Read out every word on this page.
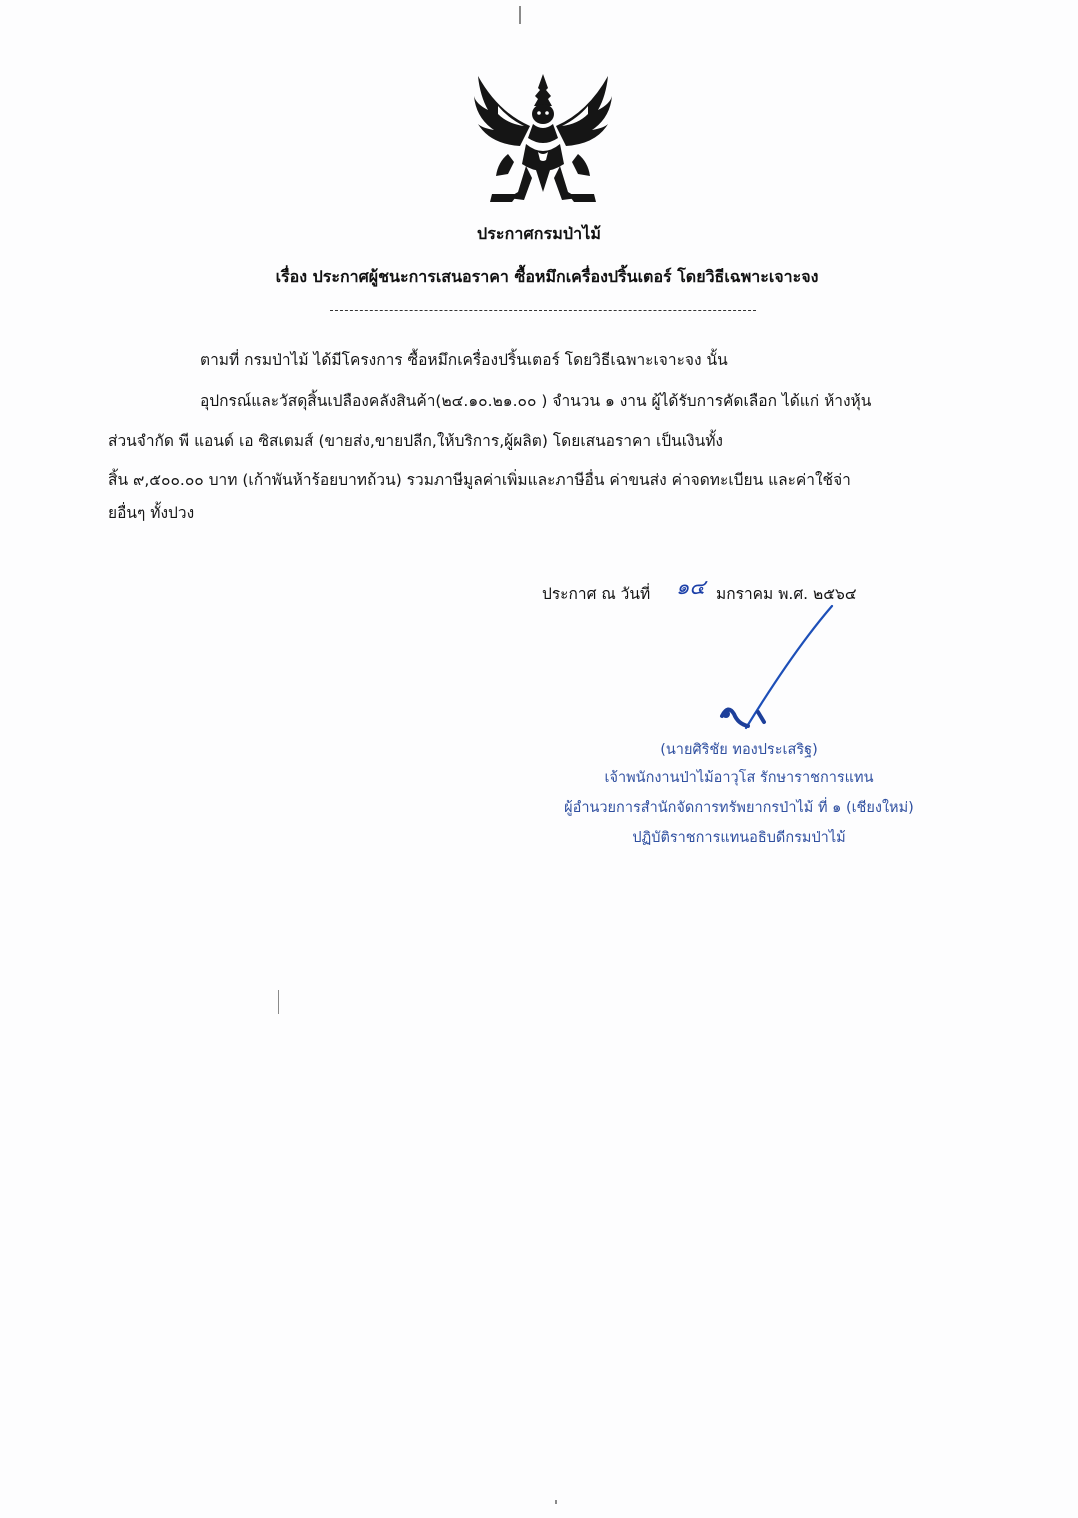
ประกาศกรมป่าไม้
เรื่อง ประกาศผู้ชนะการเสนอราคา ซื้อหมึกเครื่องปริ้นเตอร์ โดยวิธีเฉพาะเจาะจง
ตามที่ กรมป่าไม้ ได้มีโครงการ ซื้อหมึกเครื่องปริ้นเตอร์ โดยวิธีเฉพาะเจาะจง นั้น
อุปกรณ์และวัสดุสิ้นเปลืองคลังสินค้า(๒๔.๑๐.๒๑.๐๐ ) จำนวน ๑ งาน ผู้ได้รับการคัดเลือก ได้แก่ ห้างหุ้น
ส่วนจำกัด พี แอนด์ เอ ซิสเตมส์ (ขายส่ง,ขายปลีก,ให้บริการ,ผู้ผลิต) โดยเสนอราคา เป็นเงินทั้ง
สิ้น ๙,๕๐๐.๐๐ บาท (เก้าพันห้าร้อยบาทถ้วน) รวมภาษีมูลค่าเพิ่มและภาษีอื่น ค่าขนส่ง ค่าจดทะเบียน และค่าใช้จ่า
ยอื่นๆ ทั้งปวง
ประกาศ ณ วันที่	มกราคม พ.ศ. ๒๕๖๔
๑๔
(นายศิริชัย ทองประเสริฐ)
เจ้าพนักงานป่าไม้อาวุโส รักษาราชการแทน
ผู้อำนวยการสำนักจัดการทรัพยากรป่าไม้ ที่ ๑ (เชียงใหม่)
ปฏิบัติราชการแทนอธิบดีกรมป่าไม้
